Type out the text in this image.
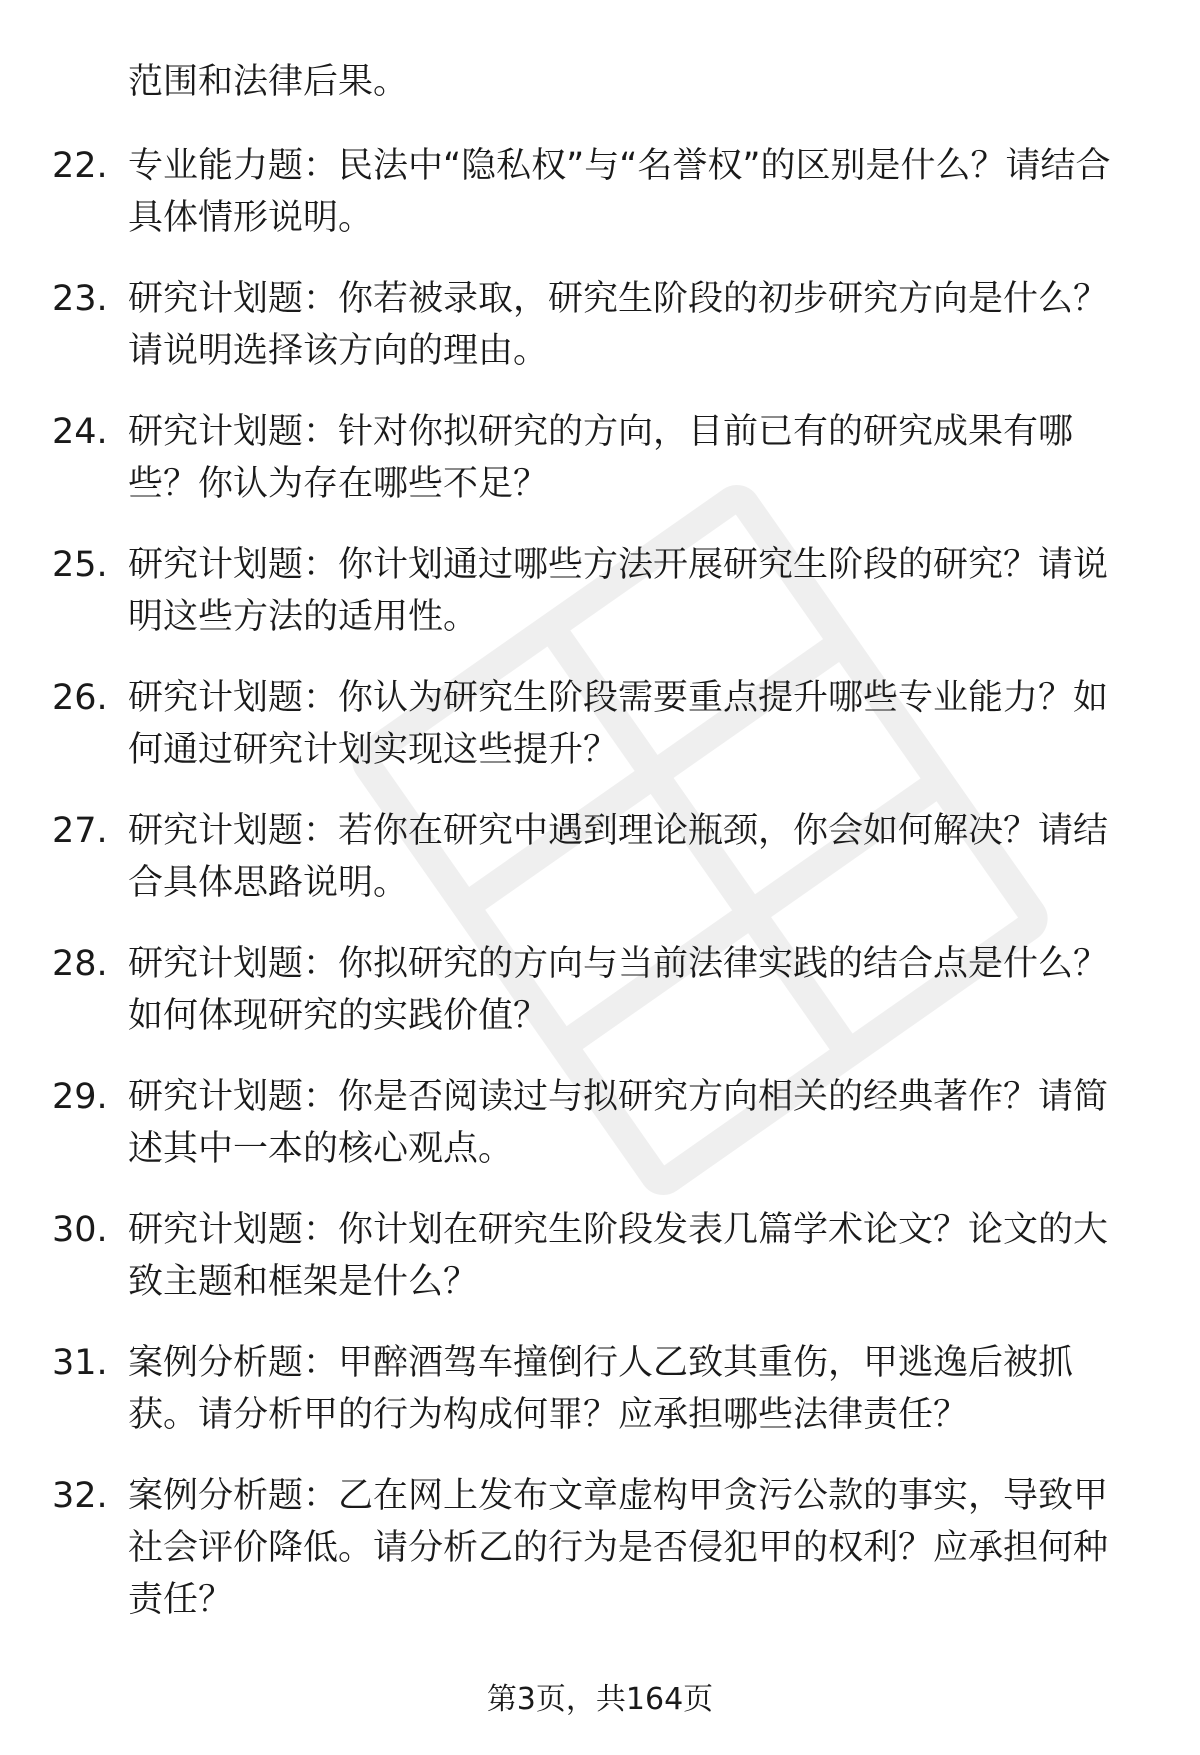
范围和法律后果。
22. 专业能力题：民法中“隐私权”与“名誉权”的区别是什么？请结合具体情形说明。
23. 研究计划题：你若被录取，研究生阶段的初步研究方向是什么？请说明选择该方向的理由。
24. 研究计划题：针对你拟研究的方向，目前已有的研究成果有哪些？你认为存在哪些不足？
25. 研究计划题：你计划通过哪些方法开展研究生阶段的研究？请说明这些方法的适用性。
26. 研究计划题：你认为研究生阶段需要重点提升哪些专业能力？如何通过研究计划实现这些提升？
27. 研究计划题：若你在研究中遇到理论瓶颈，你会如何解决？请结合具体思路说明。
28. 研究计划题：你拟研究的方向与当前法律实践的结合点是什么？如何体现研究的实践价值？
29. 研究计划题：你是否阅读过与拟研究方向相关的经典著作？请简述其中一本的核心观点。
30. 研究计划题：你计划在研究生阶段发表几篇学术论文？论文的大致主题和框架是什么？
31. 案例分析题：甲醉酒驾车撞倒行人乙致其重伤，甲逃逸后被抓获。请分析甲的行为构成何罪？应承担哪些法律责任？
32. 案例分析题：乙在网上发布文章虚构甲贪污公款的事实，导致甲社会评价降低。请分析乙的行为是否侵犯甲的权利？应承担何种责任？
第3页，共164页
